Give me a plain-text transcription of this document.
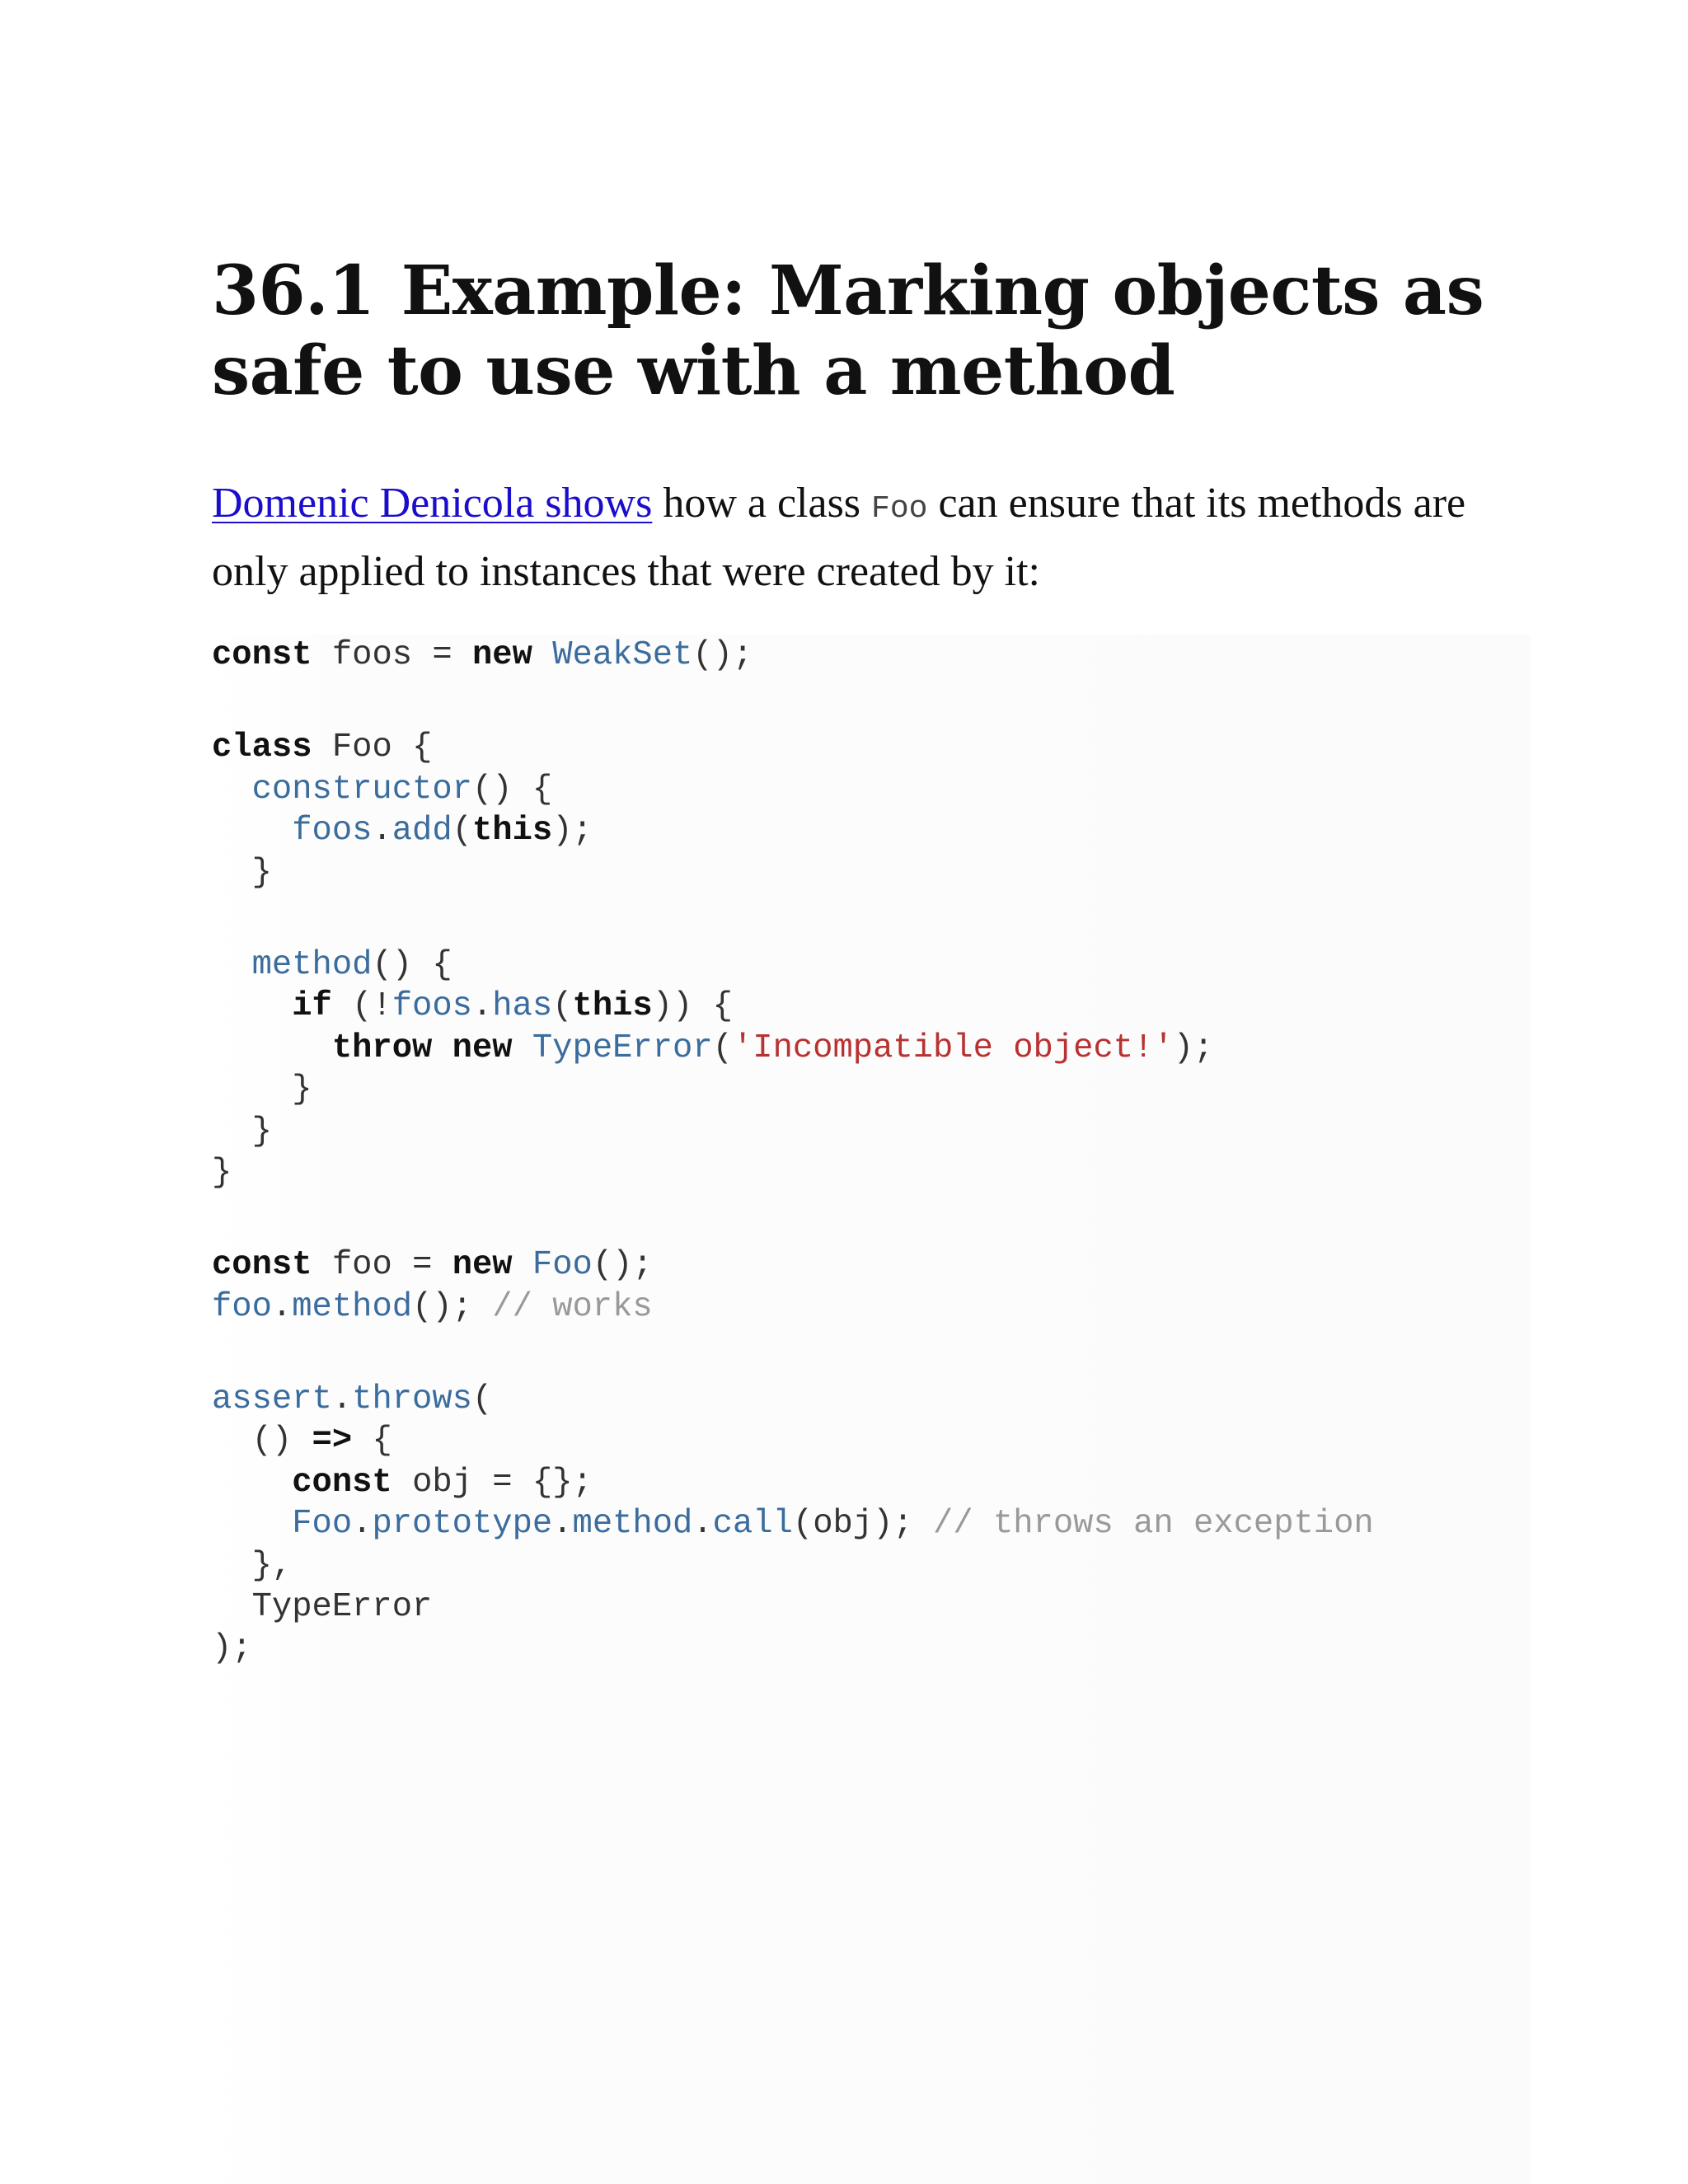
36.1 Example: Marking objects as safe to use with a method

Domenic Denicola shows how a class Foo can ensure that its methods are only applied to instances that were created by it:

const foos = new WeakSet();
class Foo {
constructor() {
foos.add(this);
}
method() {
if (!foos.has(this)) {
throw new TypeError('Incompatible object!');
}
}
}
const foo = new Foo();
foo.method(); // works
assert.throws(
() => {
const obj = {};
Foo.prototype.method.call(obj); // throws an exception
},
TypeError
);
